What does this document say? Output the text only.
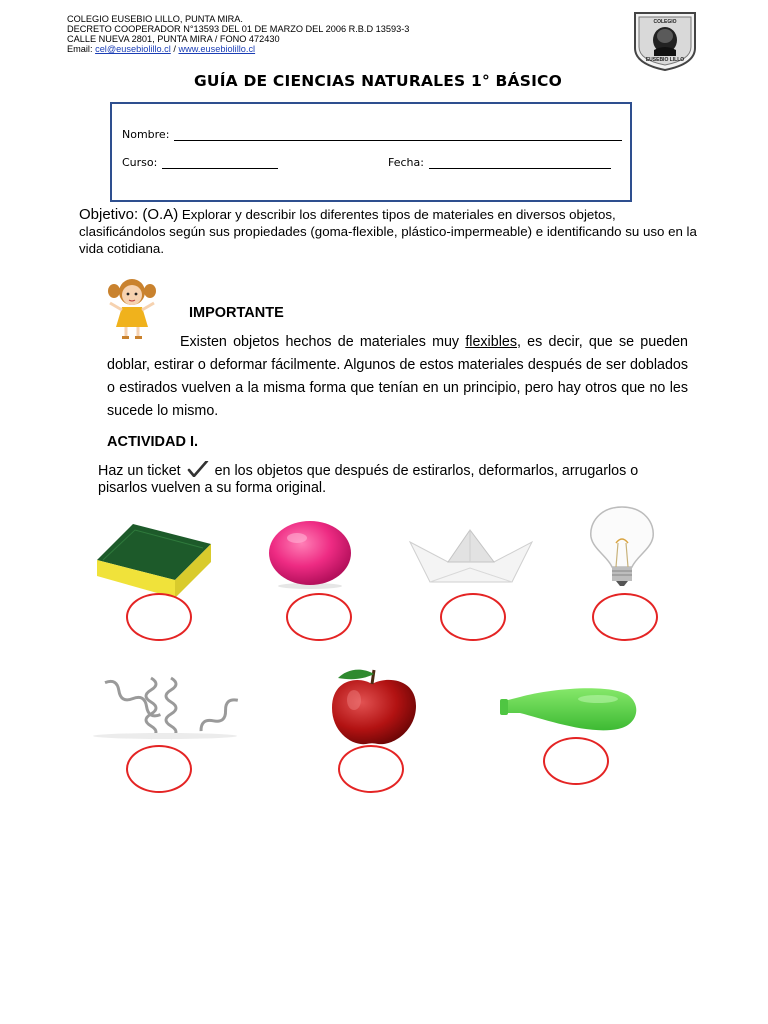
COLEGIO EUSEBIO LILLO, PUNTA MIRA.
DECRETO COOPERADOR N°13593 DEL 01 DE MARZO DEL 2006 R.B.D 13593-3
CALLE NUEVA 2801, PUNTA MIRA / FONO 472430
Email: cel@eusebiolillo.cl / www.eusebiolillo.cl
COLEGIO
EUSEBIO LILLO
GUÍA DE CIENCIAS NATURALES 1° BÁSICO
Nombre:
Curso:	Fecha:
Objetivo: (O.A) Explorar y describir los diferentes tipos de materiales en diversos objetos, clasificándolos según sus propiedades (goma-flexible, plástico-impermeable) e identificando su uso en la vida cotidiana.
IMPORTANTE
Existen objetos hechos de materiales muy flexibles, es decir, que se pueden doblar, estirar o deformar fácilmente. Algunos de estos materiales después de ser doblados o estirados vuelven a la misma forma que tenían en un principio, pero hay otros que no les sucede lo mismo.
ACTIVIDAD I.
Haz un ticket en los objetos que después de estirarlos, deformarlos, arrugarlos o pisarlos vuelven a su forma original.
